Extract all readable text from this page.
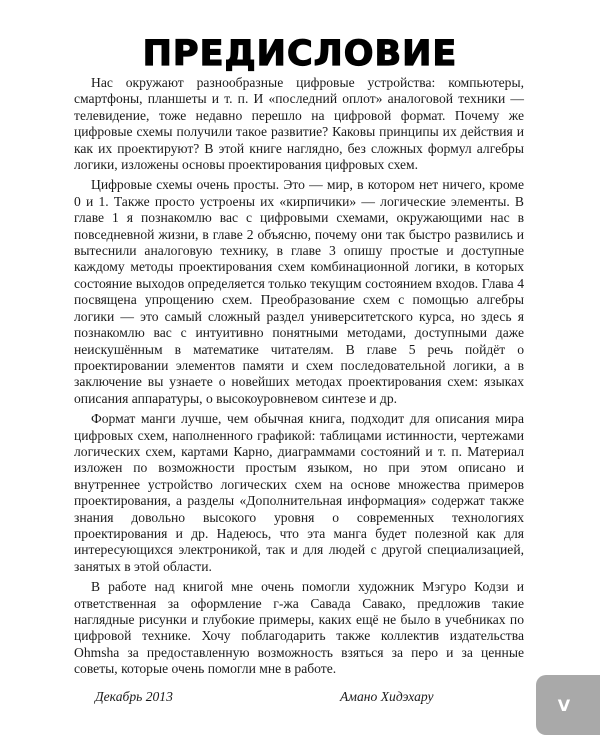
ПРЕДИСЛОВИЕ

Нас окружают разнообразные цифровые устройства: компьютеры, смартфоны, планшеты и т. п. И «последний оплот» аналоговой техники — телевидение, тоже недавно перешло на цифровой формат. Почему же цифровые схемы получили такое развитие? Каковы принципы их действия и как их проектируют? В этой книге наглядно, без сложных формул алгебры логики, изложены основы проектирования цифровых схем.

Цифровые схемы очень просты. Это — мир, в котором нет ничего, кроме 0 и 1. Также просто устроены их «кирпичики» — логические элементы. В главе 1 я познакомлю вас с цифровыми схемами, окружающими нас в повседневной жизни, в главе 2 объясню, почему они так быстро развились и вытеснили аналоговую технику, в главе 3 опишу простые и доступные каждому методы проектирования схем комбинационной логики, в которых состояние выходов определяется только текущим состоянием входов. Глава 4 посвящена упрощению схем. Преобразование схем с помощью алгебры логики — это самый сложный раздел университетского курса, но здесь я познакомлю вас с интуитивно понятными методами, доступными даже неискушённым в математике читателям. В главе 5 речь пойдёт о проектировании элементов памяти и схем последовательной логики, а в заключение вы узнаете о новейших методах проектирования схем: языках описания аппаратуры, о высокоуровневом синтезе и др.

Формат манги лучше, чем обычная книга, подходит для описания мира цифровых схем, наполненного графикой: таблицами истинности, чертежами логических схем, картами Карно, диаграммами состояний и т. п. Материал изложен по возможности простым языком, но при этом описано и внутреннее устройство логических схем на основе множества примеров проектирования, а разделы «Дополнительная информация» содержат также знания довольно высокого уровня о современных технологиях проектирования и др. Надеюсь, что эта манга будет полезной как для интересующихся электроникой, так и для людей с другой специализацией, занятых в этой области.

В работе над книгой мне очень помогли художник Мэгуро Кодзи и ответственная за оформление г-жа Савада Савако, предложив такие наглядные рисунки и глубокие примеры, каких ещё не было в учебниках по цифровой технике. Хочу поблагодарить также коллектив издательства Ohmsha за предоставленную возможность взяться за перо и за ценные советы, которые очень помогли мне в работе.

Декабрь 2013	Амано Хидэхару	V
